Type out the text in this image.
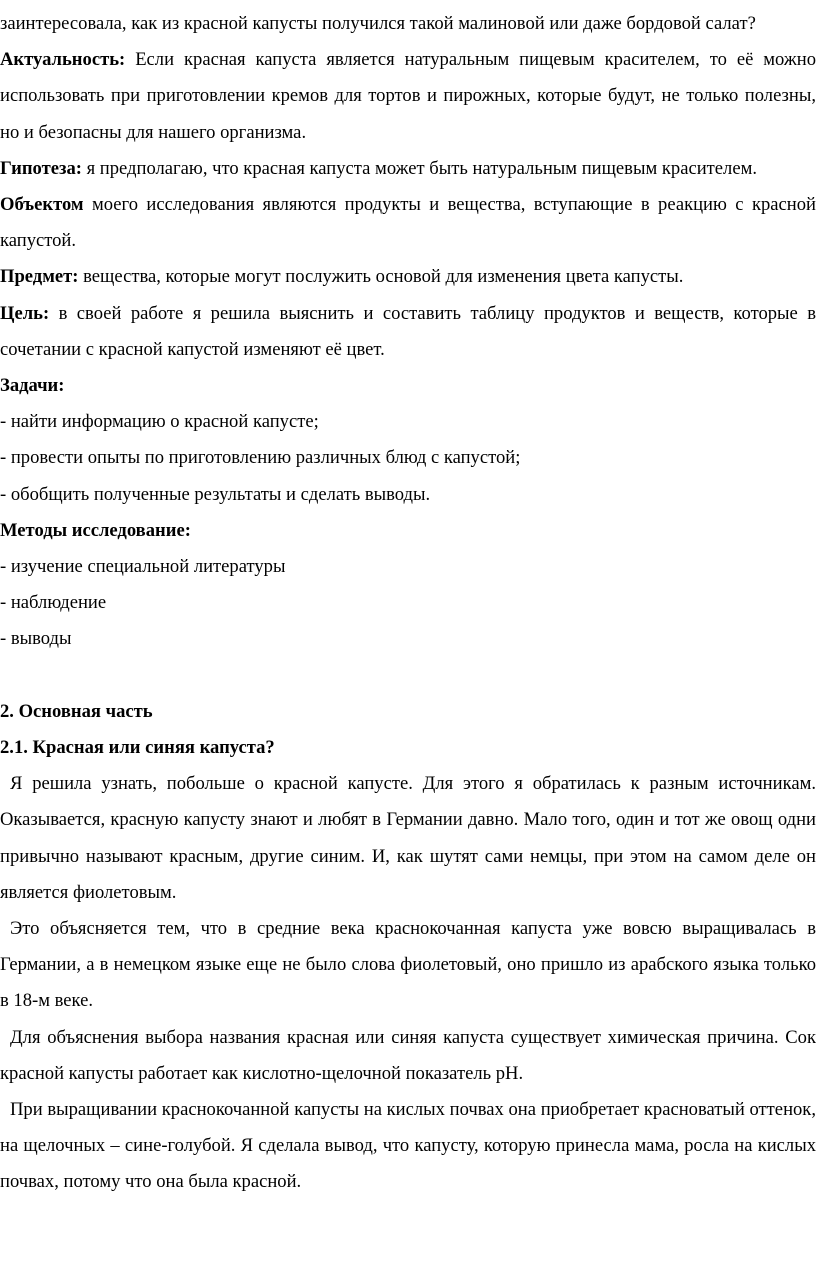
заинтересовала, как из красной капусты получился такой малиновой или даже бордовой салат?

Актуальность: Если красная капуста является натуральным пищевым красителем, то её можно использовать при приготовлении кремов для тортов и пирожных, которые будут, не только полезны, но и безопасны для нашего организма.

Гипотеза: я предполагаю, что красная капуста может быть натуральным пищевым красителем.

Объектом моего исследования являются продукты и вещества, вступающие в реакцию с красной капустой.

Предмет: вещества, которые могут послужить основой для изменения цвета капусты.

Цель: в своей работе я решила выяснить и составить таблицу продуктов и веществ, которые в сочетании с красной капустой изменяют её цвет.

Задачи:

- найти информацию о красной капусте;

- провести опыты по приготовлению различных блюд с капустой;

- обобщить полученные результаты и сделать выводы.

Методы исследование:

- изучение специальной литературы

- наблюдение

- выводы

2. Основная часть

2.1. Красная или синяя капуста?

Я решила узнать, побольше о красной капусте. Для этого я обратилась к разным источникам. Оказывается, красную капусту знают и любят в Германии давно. Мало того, один и тот же овощ одни привычно называют красным, другие синим. И, как шутят сами немцы, при этом на самом деле он является фиолетовым.

Это объясняется тем, что в средние века краснокочанная капуста уже вовсю выращивалась в Германии, а в немецком языке еще не было слова фиолетовый, оно пришло из арабского языка только в 18-м веке.

Для объяснения выбора названия красная или синяя капуста существует химическая причина. Сок красной капусты работает как кислотно-щелочной показатель рН.

При выращивании краснокочанной капусты на кислых почвах она приобретает красноватый оттенок, на щелочных – сине-голубой. Я сделала вывод, что капусту, которую принесла мама, росла на кислых почвах, потому что она была красной.
